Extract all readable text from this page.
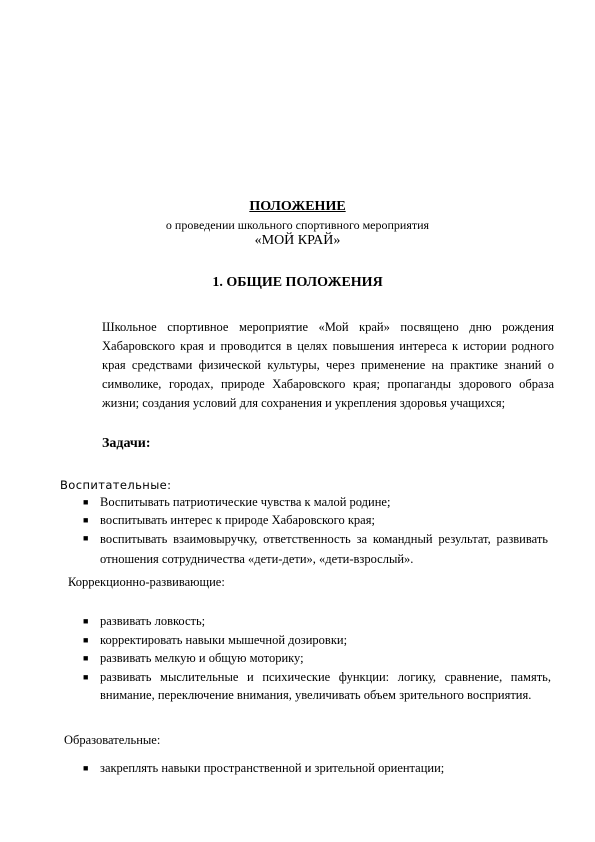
ПОЛОЖЕНИЕ
о проведении школьного спортивного мероприятия
«МОЙ КРАЙ»
1. ОБЩИЕ ПОЛОЖЕНИЯ
Школьное спортивное мероприятие «Мой край» посвящено дню рождения Хабаровского края и проводится в целях повышения интереса к истории родного края средствами физической культуры, через применение на практике знаний о символике, городах, природе Хабаровского края; пропаганды здорового образа жизни; создания условий для сохранения и укрепления здоровья учащихся;
Задачи:
Воспитательные:
■ Воспитывать патриотические чувства к малой родине;
■ воспитывать интерес к природе Хабаровского края;
■ воспитывать взаимовыручку, ответственность за командный результат, развивать отношения сотрудничества «дети-дети», «дети-взрослый».
Коррекционно-развивающие:
■ развивать ловкость;
■ корректировать навыки мышечной дозировки;
■ развивать мелкую и общую моторику;
■ развивать мыслительные и психические функции: логику, сравнение, память, внимание, переключение внимания, увеличивать объем зрительного восприятия.
Образовательные:
■ закреплять навыки пространственной и зрительной ориентации;
